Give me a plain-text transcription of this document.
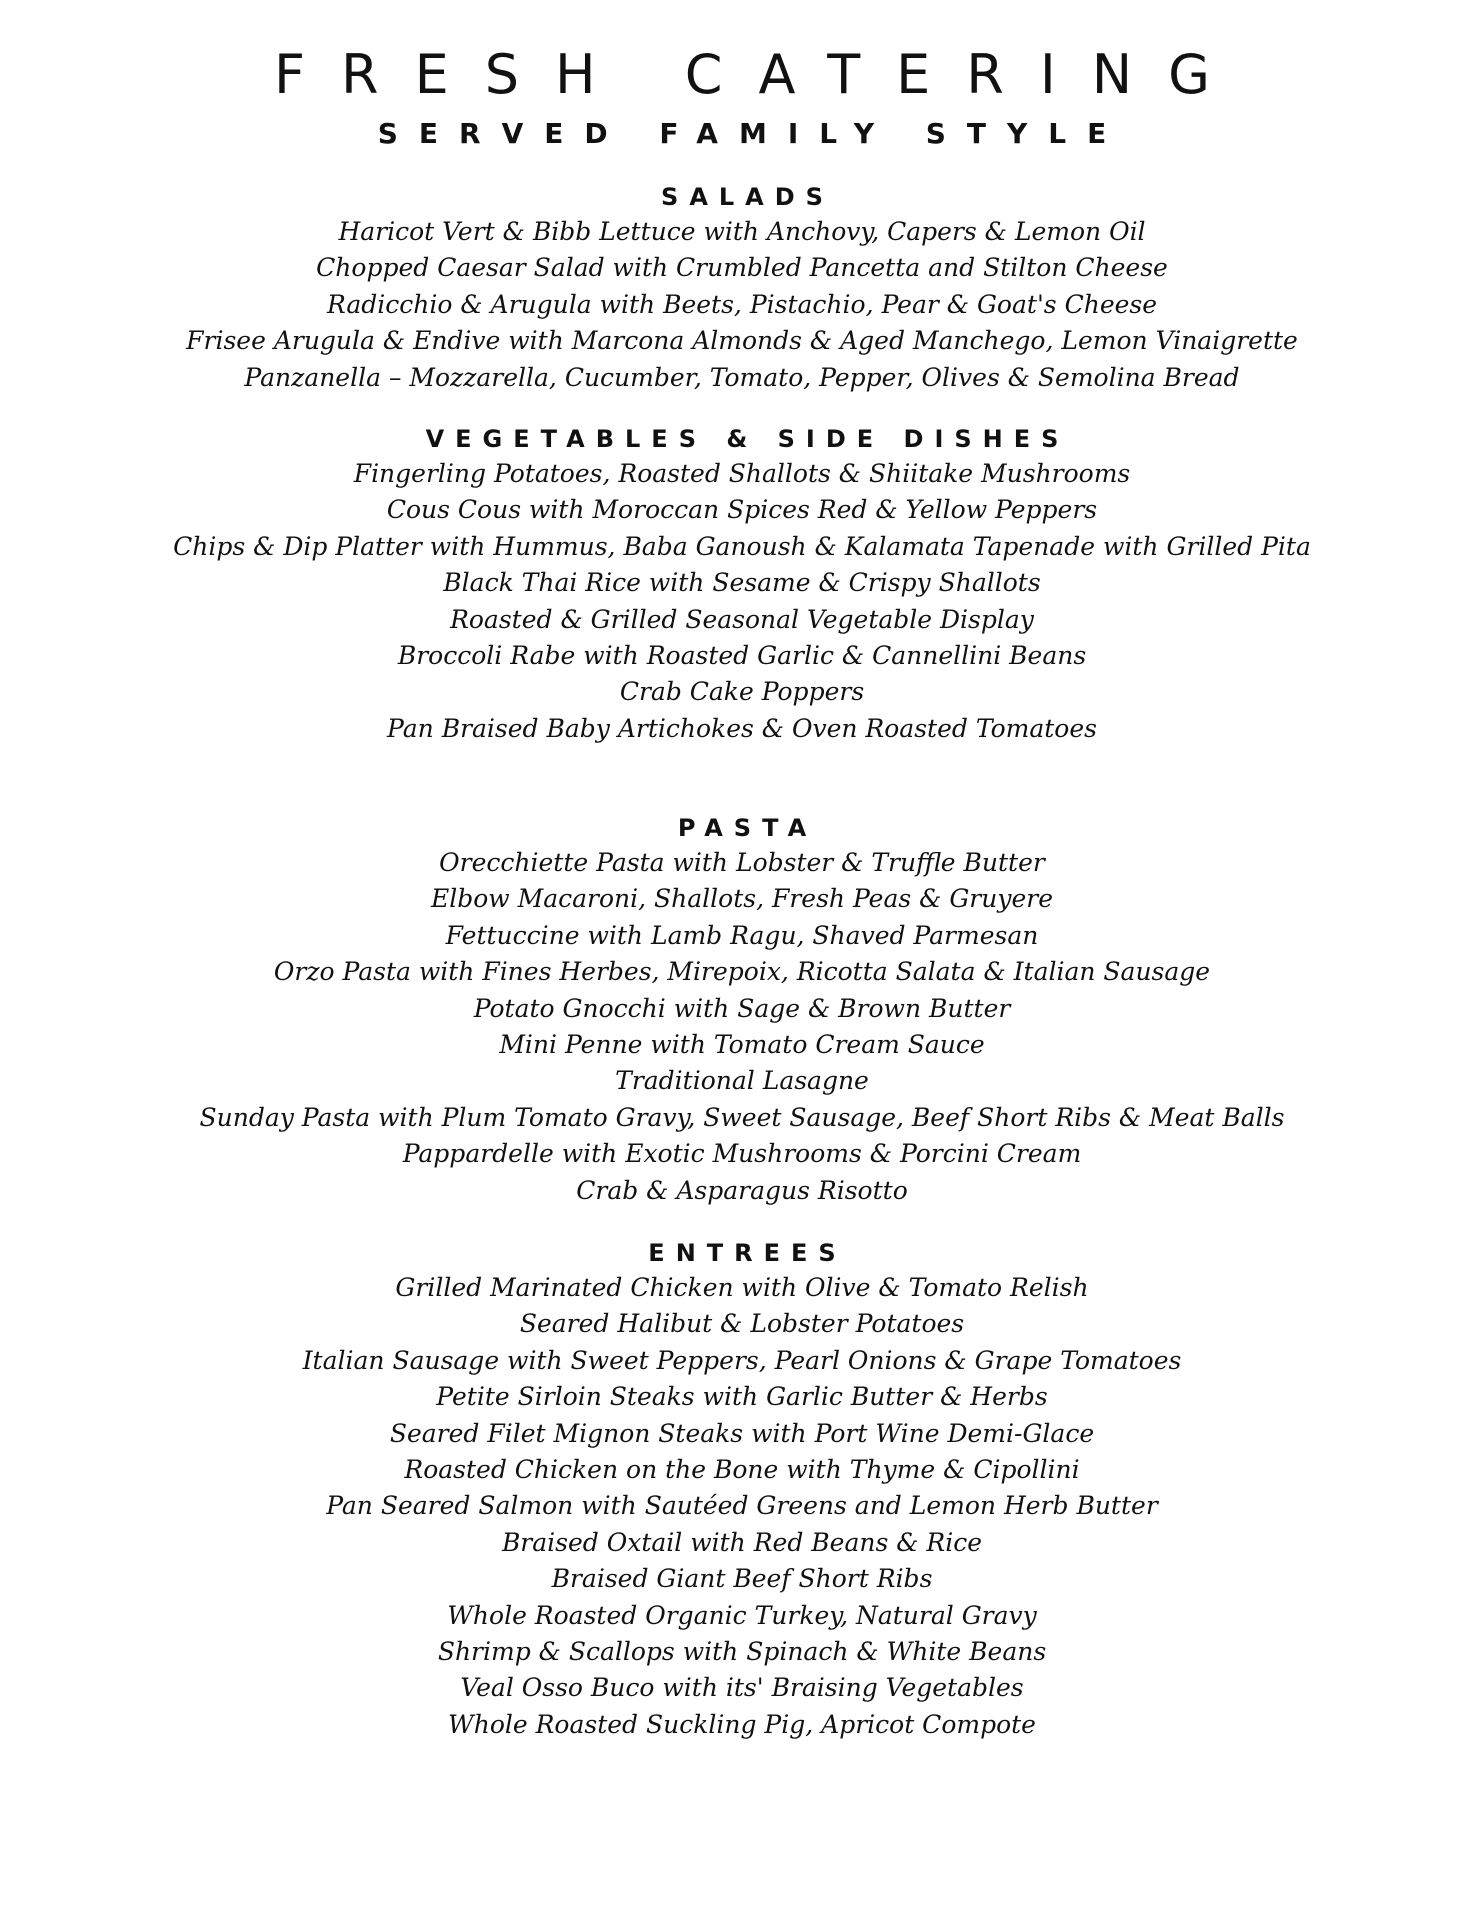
FRESH CATERING
SERVED FAMILY STYLE
SALADS
Haricot Vert & Bibb Lettuce with Anchovy, Capers & Lemon Oil
Chopped Caesar Salad with Crumbled Pancetta and Stilton Cheese
Radicchio & Arugula with Beets, Pistachio, Pear & Goat's Cheese
Frisee Arugula & Endive with Marcona Almonds & Aged Manchego, Lemon Vinaigrette
Panzanella – Mozzarella, Cucumber, Tomato, Pepper, Olives & Semolina Bread
VEGETABLES & SIDE DISHES
Fingerling Potatoes, Roasted Shallots & Shiitake Mushrooms
Cous Cous with Moroccan Spices Red & Yellow Peppers
Chips & Dip Platter with Hummus, Baba Ganoush & Kalamata Tapenade with Grilled Pita
Black Thai Rice with Sesame & Crispy Shallots
Roasted & Grilled Seasonal Vegetable Display
Broccoli Rabe with Roasted Garlic & Cannellini Beans
Crab Cake Poppers
Pan Braised Baby Artichokes & Oven Roasted Tomatoes
PASTA
Orecchiette Pasta with Lobster & Truffle Butter
Elbow Macaroni, Shallots, Fresh Peas & Gruyere
Fettuccine with Lamb Ragu, Shaved Parmesan
Orzo Pasta with Fines Herbes, Mirepoix, Ricotta Salata & Italian Sausage
Potato Gnocchi with Sage & Brown Butter
Mini Penne with Tomato Cream Sauce
Traditional Lasagne
Sunday Pasta with Plum Tomato Gravy, Sweet Sausage, Beef Short Ribs & Meat Balls
Pappardelle with Exotic Mushrooms & Porcini Cream
Crab & Asparagus Risotto
ENTREES
Grilled Marinated Chicken with Olive & Tomato Relish
Seared Halibut & Lobster Potatoes
Italian Sausage with Sweet Peppers, Pearl Onions & Grape Tomatoes
Petite Sirloin Steaks with Garlic Butter & Herbs
Seared Filet Mignon Steaks with Port Wine Demi-Glace
Roasted Chicken on the Bone with Thyme & Cipollini
Pan Seared Salmon with Sautéed Greens and Lemon Herb Butter
Braised Oxtail with Red Beans & Rice
Braised Giant Beef Short Ribs
Whole Roasted Organic Turkey, Natural Gravy
Shrimp & Scallops with Spinach & White Beans
Veal Osso Buco with its' Braising Vegetables
Whole Roasted Suckling Pig, Apricot Compote
